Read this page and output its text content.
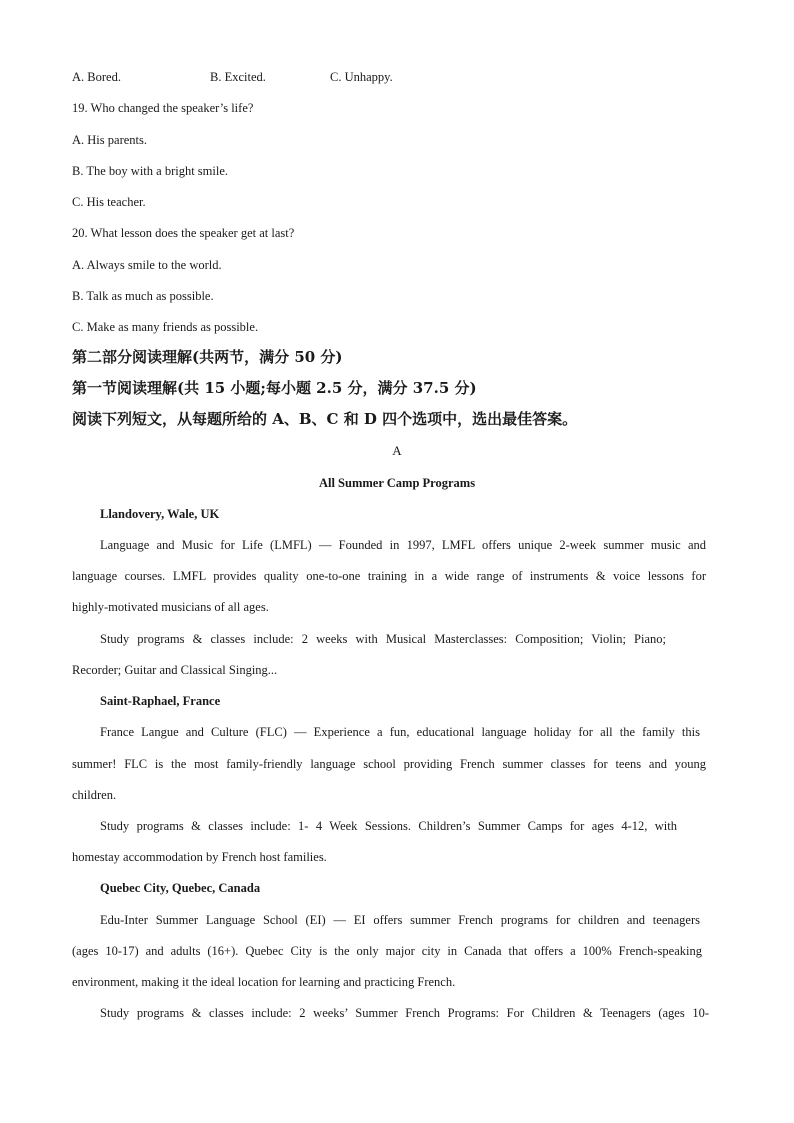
A. Bored.	B. Excited.	C. Unhappy.
19. Who changed the speaker’s life?
A. His parents.
B. The boy with a bright smile.
C. His teacher.
20. What lesson does the speaker get at last?
A. Always smile to the world.
B. Talk as much as possible.
C. Make as many friends as possible.
第二部分阅读理解(共两节，满分 50 分)
第一节阅读理解(共 15 小题;每小题 2.5 分，满分 37.5 分)
阅读下列短文，从每题所给的 A、B、C 和 D 四个选项中，选出最佳答案。
A
All Summer Camp Programs
Llandovery, Wale, UK
Language and Music for Life (LMFL) — Founded in 1997, LMFL offers unique 2-week summer music and
language courses. LMFL provides quality one-to-one training in a wide range of instruments & voice lessons for
highly-motivated musicians of all ages.
Study programs & classes include: 2 weeks with Musical Masterclasses: Composition; Violin; Piano;
Recorder; Guitar and Classical Singing...
Saint-Raphael, France
France Langue and Culture (FLC) — Experience a fun, educational language holiday for all the family this
summer! FLC is the most family-friendly language school providing French summer classes for teens and young
children.
Study programs & classes include: 1- 4 Week Sessions. Children’s Summer Camps for ages 4-12, with
homestay accommodation by French host families.
Quebec City, Quebec, Canada
Edu-Inter Summer Language School (EI) — EI offers summer French programs for children and teenagers
(ages 10-17) and adults (16+). Quebec City is the only major city in Canada that offers a 100% French-speaking
environment, making it the ideal location for learning and practicing French.
Study programs & classes include: 2 weeks’ Summer French Programs: For Children & Teenagers (ages 10-
